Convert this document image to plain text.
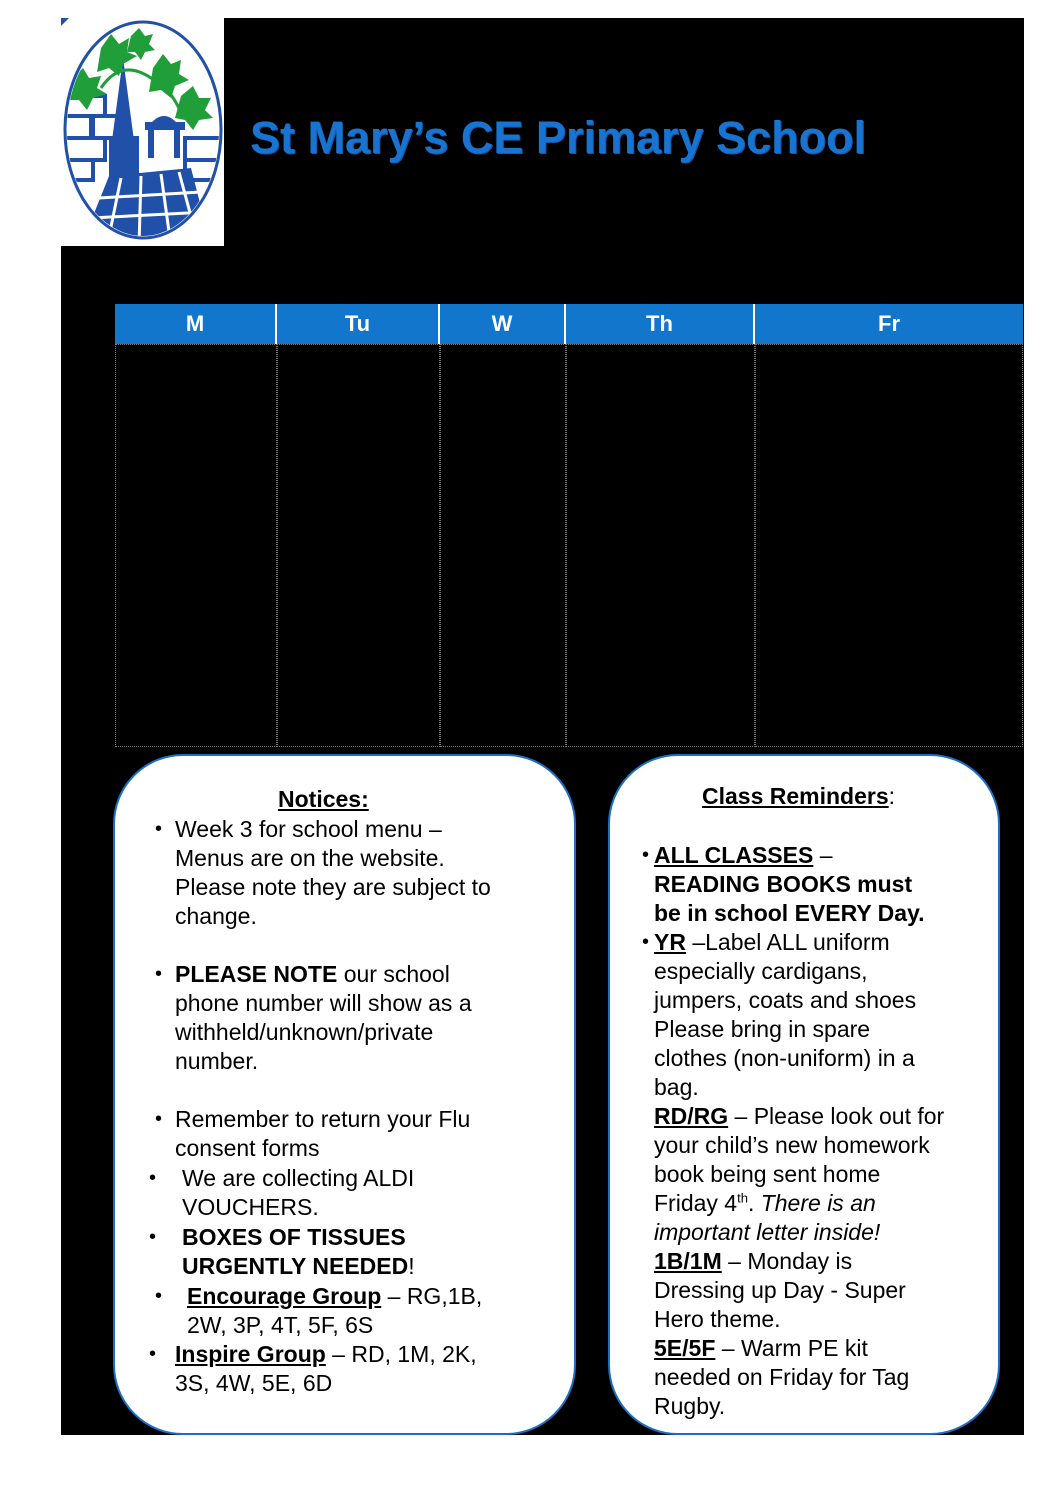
St Mary’s CE Primary School
M	Tu	W	Th	Fr
Notices:
• Week 3 for school menu –
Menus are on the website.
Please note they are subject to
change.
• PLEASE NOTE our school
phone number will show as a
withheld/unknown/private
number.
• Remember to return your Flu
consent forms
• We are collecting ALDI
VOUCHERS.
• BOXES OF TISSUES
URGENTLY NEEDED!
• Encourage Group – RG,1B,
2W, 3P, 4T, 5F, 6S
• Inspire Group – RD, 1M, 2K,
3S, 4W, 5E, 6D
Class Reminders:
• ALL CLASSES –
READING BOOKS must
be in school EVERY Day.
• YR –Label ALL uniform
especially cardigans,
jumpers, coats and shoes
Please bring in spare
clothes (non-uniform) in a
bag.
RD/RG – Please look out for
your child’s new homework
book being sent home
Friday 4th. There is an
important letter inside!
1B/1M – Monday is
Dressing up Day - Super
Hero theme.
5E/5F – Warm PE kit
needed on Friday for Tag
Rugby.
